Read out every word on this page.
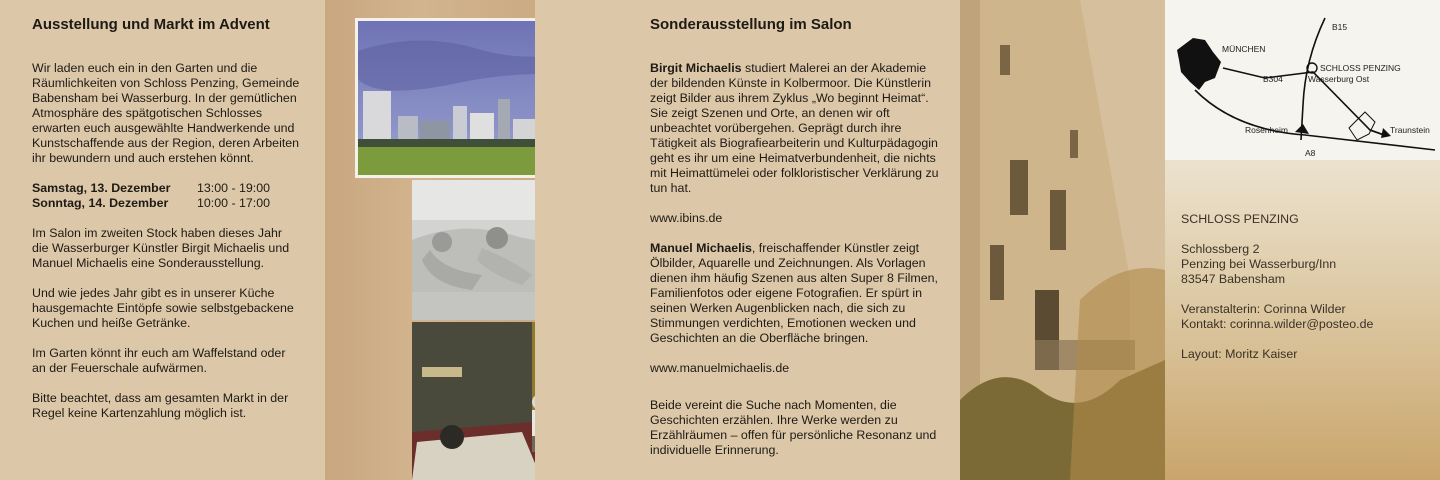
Ausstellung und Markt im Advent

Wir laden euch ein in den Garten und die Räumlichkeiten von Schloss Penzing, Gemeinde Babensham bei Wasserburg. In der gemütlichen Atmosphäre des spätgotischen Schlosses erwarten euch ausgewählte Handwerkende und Kunstschaffende aus der Region, deren Arbeiten ihr bewundern und auch erstehen könnt.

Samstag, 13. Dezember	13:00 - 19:00
Sonntag, 14. Dezember	10:00 - 17:00

Im Salon im zweiten Stock haben dieses Jahr die Wasserburger Künstler Birgit Michaelis und Manuel Michaelis eine Sonderausstellung.

Und wie jedes Jahr gibt es in unserer Küche hausgemachte Eintöpfe sowie selbstgebackene Kuchen und heiße Getränke.

Im Garten könnt ihr euch am Waffelstand oder an der Feuerschale aufwärmen.

Bitte beachtet, dass am gesamten Markt in der Regel keine Kartenzahlung möglich ist.

Sonderausstellung im Salon

Birgit Michaelis studiert Malerei an der Akademie der bildenden Künste in Kolbermoor. Die Künstlerin zeigt Bilder aus ihrem Zyklus „Wo beginnt Heimat“. Sie zeigt Szenen und Orte, an denen wir oft unbeachtet vorübergehen. Geprägt durch ihre Tätigkeit als Biografiearbeiterin und Kulturpädagogin geht es ihr um eine Heimatverbundenheit, die nichts mit Heimattümelei oder folkloristischer Verklärung zu tun hat.

www.ibins.de

Manuel Michaelis, freischaffender Künstler zeigt Ölbilder, Aquarelle und Zeichnungen. Als Vorlagen dienen ihm häufig Szenen aus alten Super 8 Filmen, Familienfotos oder eigene Fotografien. Er spürt in seinen Werken Augenblicken nach, die sich zu Stimmungen verdichten, Emotionen wecken und Geschichten an die Oberfläche bringen.

www.manuelmichaelis.de

Beide vereint die Suche nach Momenten, die Geschichten erzählen. Ihre Werke werden zu Erzählräumen – offen für persönliche Resonanz und individuelle Erinnerung.

MÜNCHEN
B15
B304
SCHLOSS PENZING
Wasserburg Ost
Rosenheim	Traunstein
A8
SCHLOSS PENZING
Schlossberg 2
Penzing bei Wasserburg/Inn
83547 Babensham
Veranstalterin: Corinna Wilder
Kontakt: corinna.wilder@posteo.de
Layout: Moritz Kaiser
